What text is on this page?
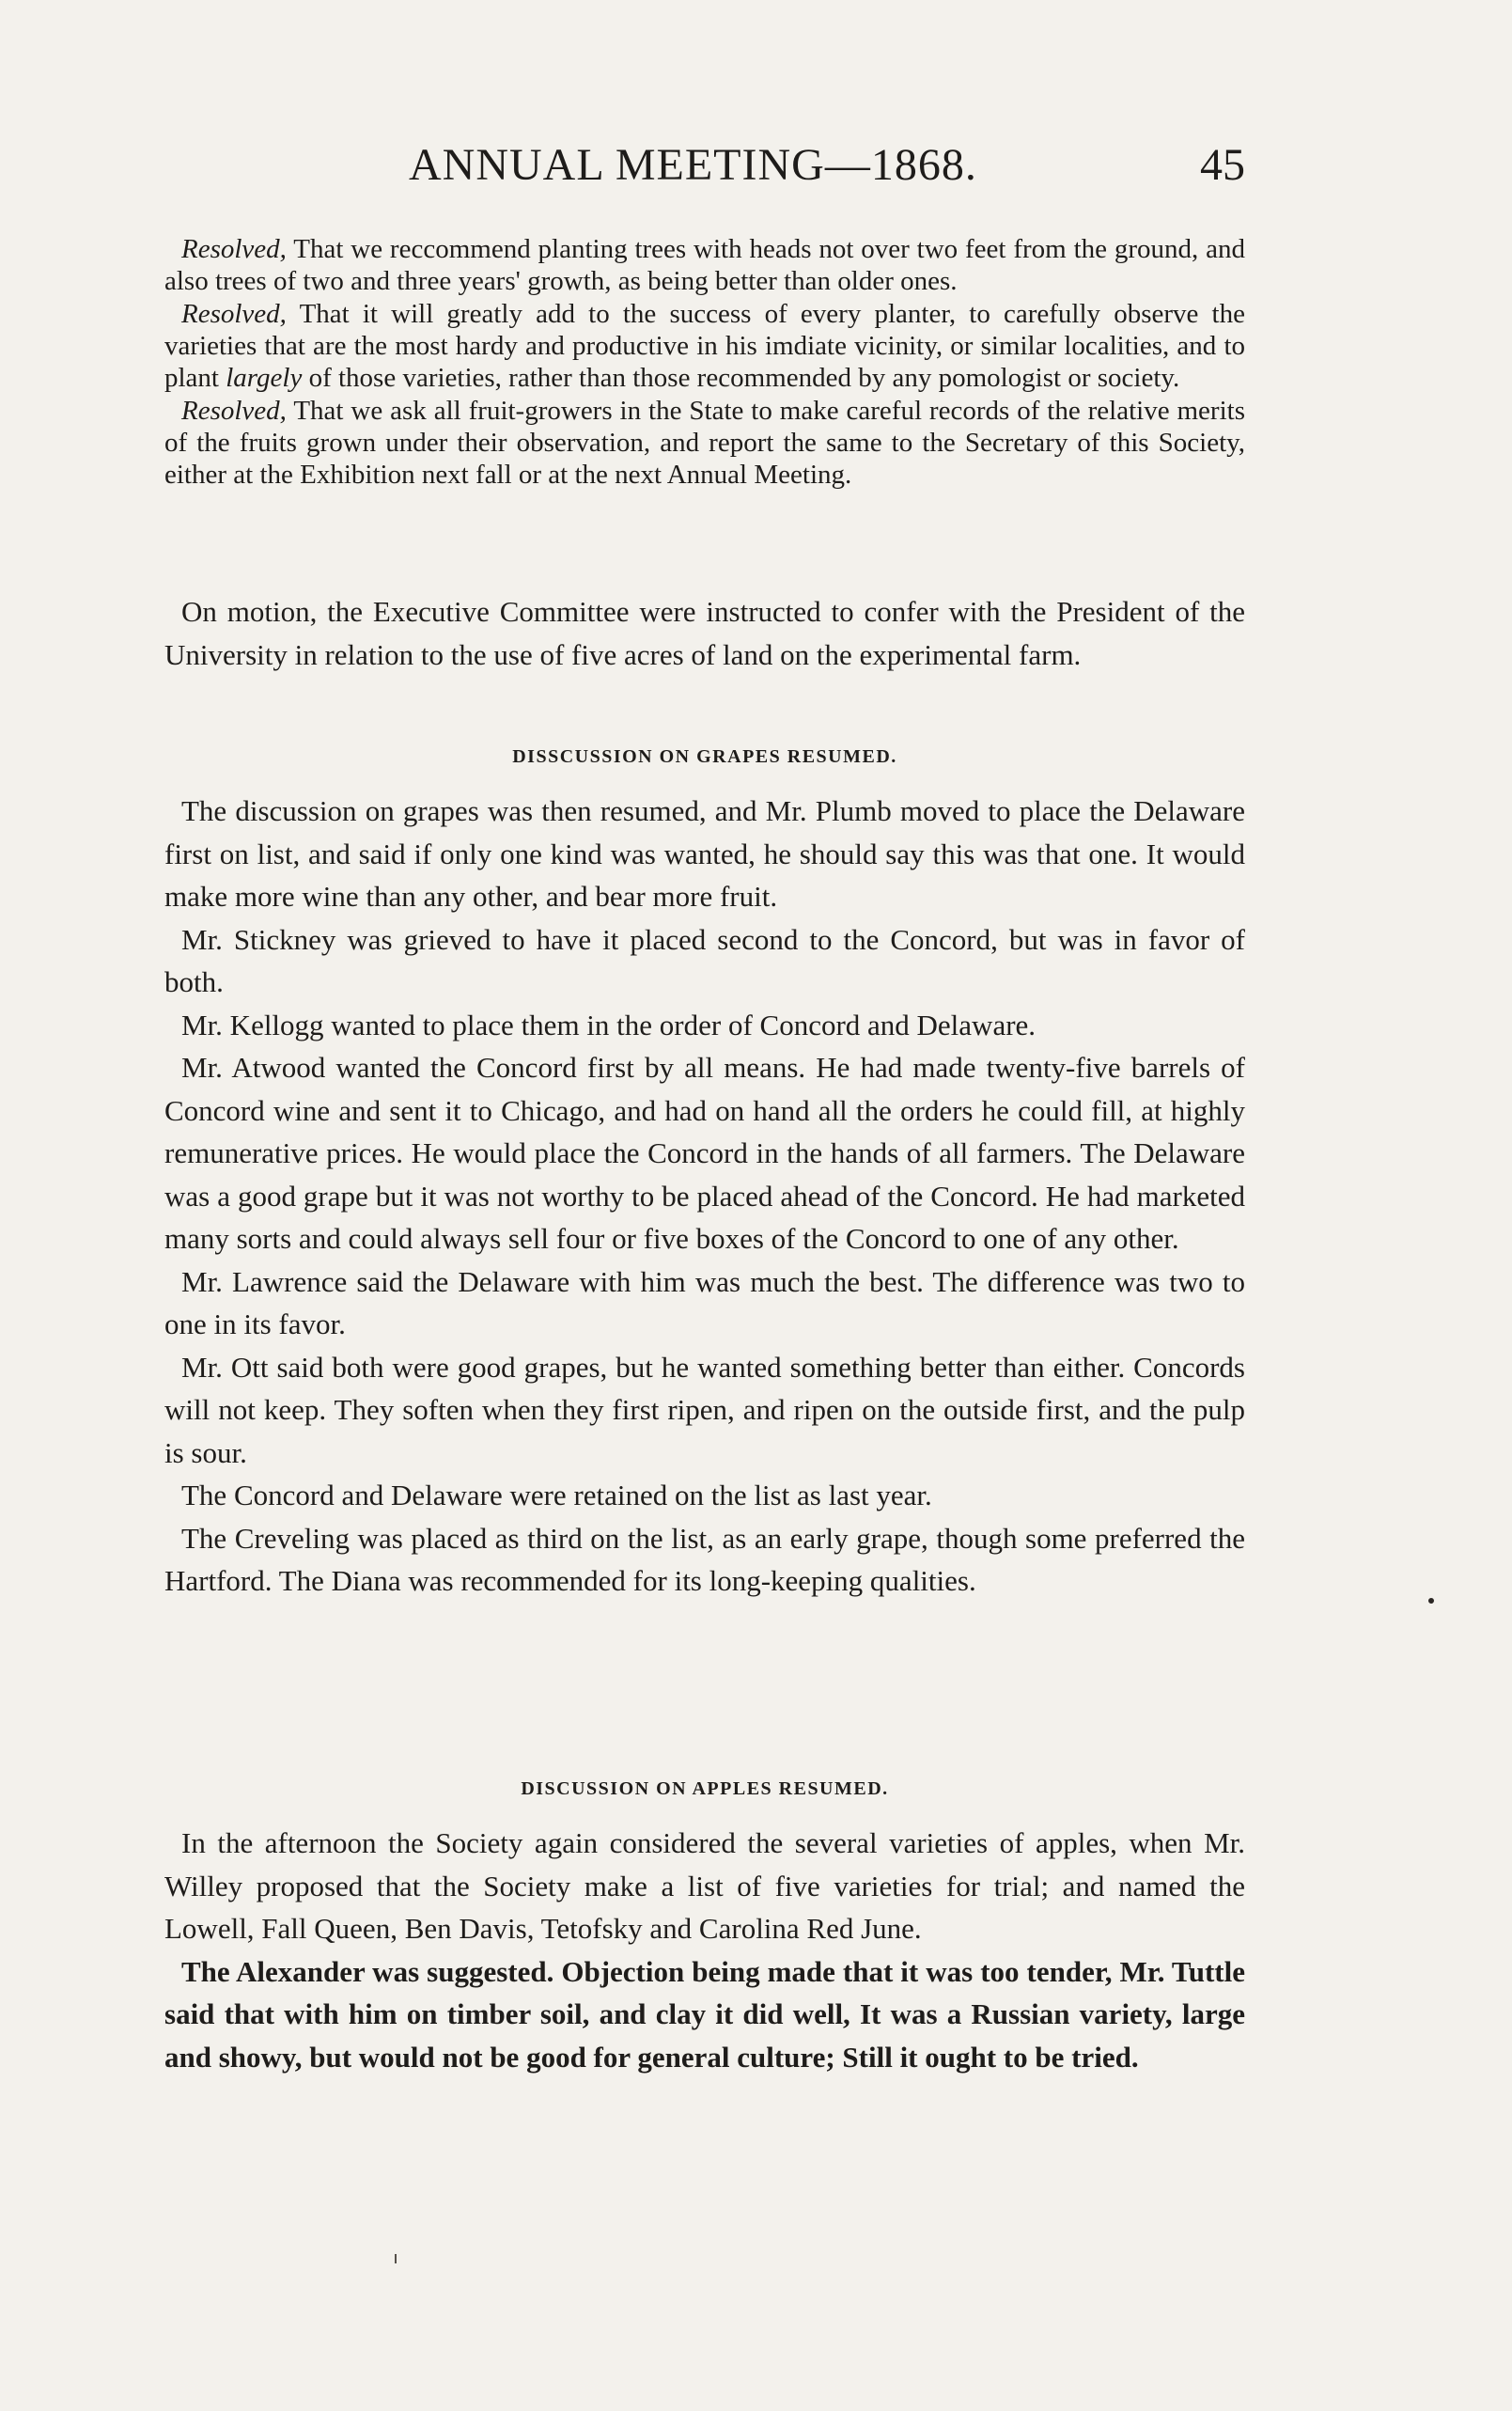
ANNUAL MEETING—1868.	45

Resolved, That we reccommend planting trees with heads not over two feet from the ground, and also trees of two and three years' growth, as being better than older ones.

Resolved, That it will greatly add to the success of every planter, to carefully observe the varieties that are the most hardy and productive in his imdiate vicinity, or similar localities, and to plant largely of those varieties, rather than those recommended by any pomologist or society.

Resolved, That we ask all fruit-growers in the State to make careful records of the relative merits of the fruits grown under their observation, and report the same to the Secretary of this Society, either at the Exhibition next fall or at the next Annual Meeting.

On motion, the Executive Committee were instructed to confer with the President of the University in relation to the use of five acres of land on the experimental farm.

DISSCUSSION ON GRAPES RESUMED.

The discussion on grapes was then resumed, and Mr. Plumb moved to place the Delaware first on list, and said if only one kind was wanted, he should say this was that one. It would make more wine than any other, and bear more fruit.

Mr. Stickney was grieved to have it placed second to the Concord, but was in favor of both.

Mr. Kellogg wanted to place them in the order of Concord and Delaware.

Mr. Atwood wanted the Concord first by all means. He had made twenty-five barrels of Concord wine and sent it to Chicago, and had on hand all the orders he could fill, at highly remunerative prices. He would place the Concord in the hands of all farmers. The Delaware was a good grape but it was not worthy to be placed ahead of the Concord. He had marketed many sorts and could always sell four or five boxes of the Concord to one of any other.

Mr. Lawrence said the Delaware with him was much the best. The difference was two to one in its favor.

Mr. Ott said both were good grapes, but he wanted something better than either. Concords will not keep. They soften when they first ripen, and ripen on the outside first, and the pulp is sour.

The Concord and Delaware were retained on the list as last year.

The Creveling was placed as third on the list, as an early grape, though some preferred the Hartford. The Diana was recommended for its long-keeping qualities.

DISCUSSION ON APPLES RESUMED.

In the afternoon the Society again considered the several varieties of apples, when Mr. Willey proposed that the Society make a list of five varieties for trial; and named the Lowell, Fall Queen, Ben Davis, Tetofsky and Carolina Red June.

The Alexander was suggested. Objection being made that it was too tender, Mr. Tuttle said that with him on timber soil, and clay it did well, It was a Russian variety, large and showy, but would not be good for general culture; Still it ought to be tried.
